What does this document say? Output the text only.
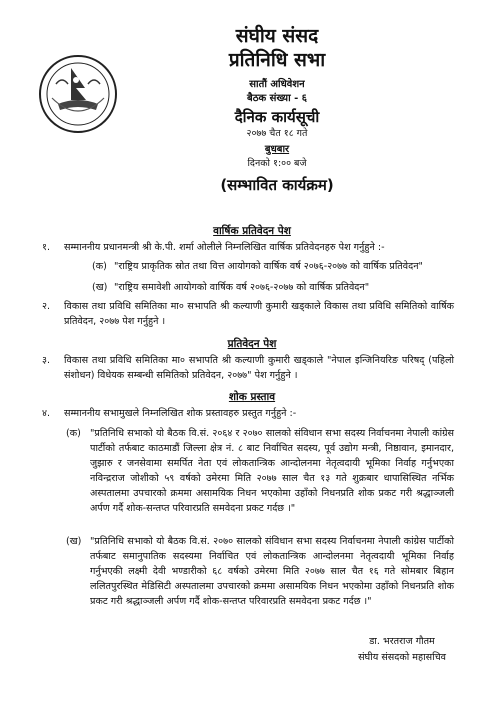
संघीय संसद
प्रतिनिधि सभा
सातौं अधिवेशन
बैठक संख्या - ६
दैनिक कार्यसूची
२०७७ चैत १८ गते
बुधबार
दिनको १:०० बजे
(सम्भावित कार्यक्रम)
वार्षिक प्रतिवेदन पेश
१. सम्माननीय प्रधानमन्त्री श्री के.पी. शर्मा ओलीले निम्नलिखित वार्षिक प्रतिवेदनहरु पेश गर्नुहुने :-
(क) "राष्ट्रिय प्राकृतिक स्रोत तथा वित्त आयोगको वार्षिक वर्ष २०७६-२०७७ को वार्षिक प्रतिवेदन"
(ख) "राष्ट्रिय समावेशी आयोगको वार्षिक वर्ष २०७६-२०७७ को वार्षिक प्रतिवेदन"
२. विकास तथा प्रविधि समितिका मा० सभापति श्री कल्याणी कुमारी खड्काले विकास तथा प्रविधि समितिको वार्षिक प्रतिवेदन, २०७७ पेश गर्नुहुने ।
प्रतिवेदन पेश
३. विकास तथा प्रविधि समितिका मा० सभापति श्री कल्याणी कुमारी खड्काले "नेपाल इन्जिनियरिङ परिषद् (पहिलो संशोधन) विधेयक सम्बन्धी समितिको प्रतिवेदन, २०७७" पेश गर्नुहुने ।
शोक प्रस्ताव
४. सम्माननीय सभामुखले निम्नलिखित शोक प्रस्तावहरु प्रस्तुत गर्नुहुने :-
(क) "प्रतिनिधि सभाको यो बैठक वि.सं. २०६४ र २०७० सालको संविधान सभा सदस्य निर्वाचनमा नेपाली कांग्रेस पार्टीको तर्फबाट काठमाडौं जिल्ला क्षेत्र नं. ८ बाट निर्वाचित सदस्य, पूर्व उद्योग मन्त्री, निष्ठावान, इमानदार, जुझारु र जनसेवामा समर्पित नेता एवं लोकतान्त्रिक आन्दोलनमा नेतृत्वदायी भूमिका निर्वाह गर्नुभएका नविन्द्रराज जोशीको ५९ वर्षको उमेरमा मिति २०७७ साल चैत १३ गते शुक्रबार धापासिस्थित नर्भिक अस्पतालमा उपचारको क्रममा असामयिक निधन भएकोमा उहाँको निधनप्रति शोक प्रकट गरी श्रद्धाञ्जली अर्पण गर्दै शोक-सन्तप्त परिवारप्रति समवेदना प्रकट गर्दछ ।"
(ख) "प्रतिनिधि सभाको यो बैठक वि.सं. २०७० सालको संविधान सभा सदस्य निर्वाचनमा नेपाली कांग्रेस पार्टीको तर्फबाट समानुपातिक सदस्यमा निर्वाचित एवं लोकतान्त्रिक आन्दोलनमा नेतृत्वदायी भूमिका निर्वाह गर्नुभएकी लक्ष्मी देवी भण्डारीको ६८ वर्षको उमेरमा मिति २०७७ साल चैत १६ गते सोमबार बिहान ललितपुरस्थित मेडिसिटी अस्पतालमा उपचारको क्रममा असामयिक निधन भएकोमा उहाँको निधनप्रति शोक प्रकट गरी श्रद्धाञ्जली अर्पण गर्दै शोक-सन्तप्त परिवारप्रति समवेदना प्रकट गर्दछ ।"
डा. भरतराज गौतम
संघीय संसदको महासचिव
